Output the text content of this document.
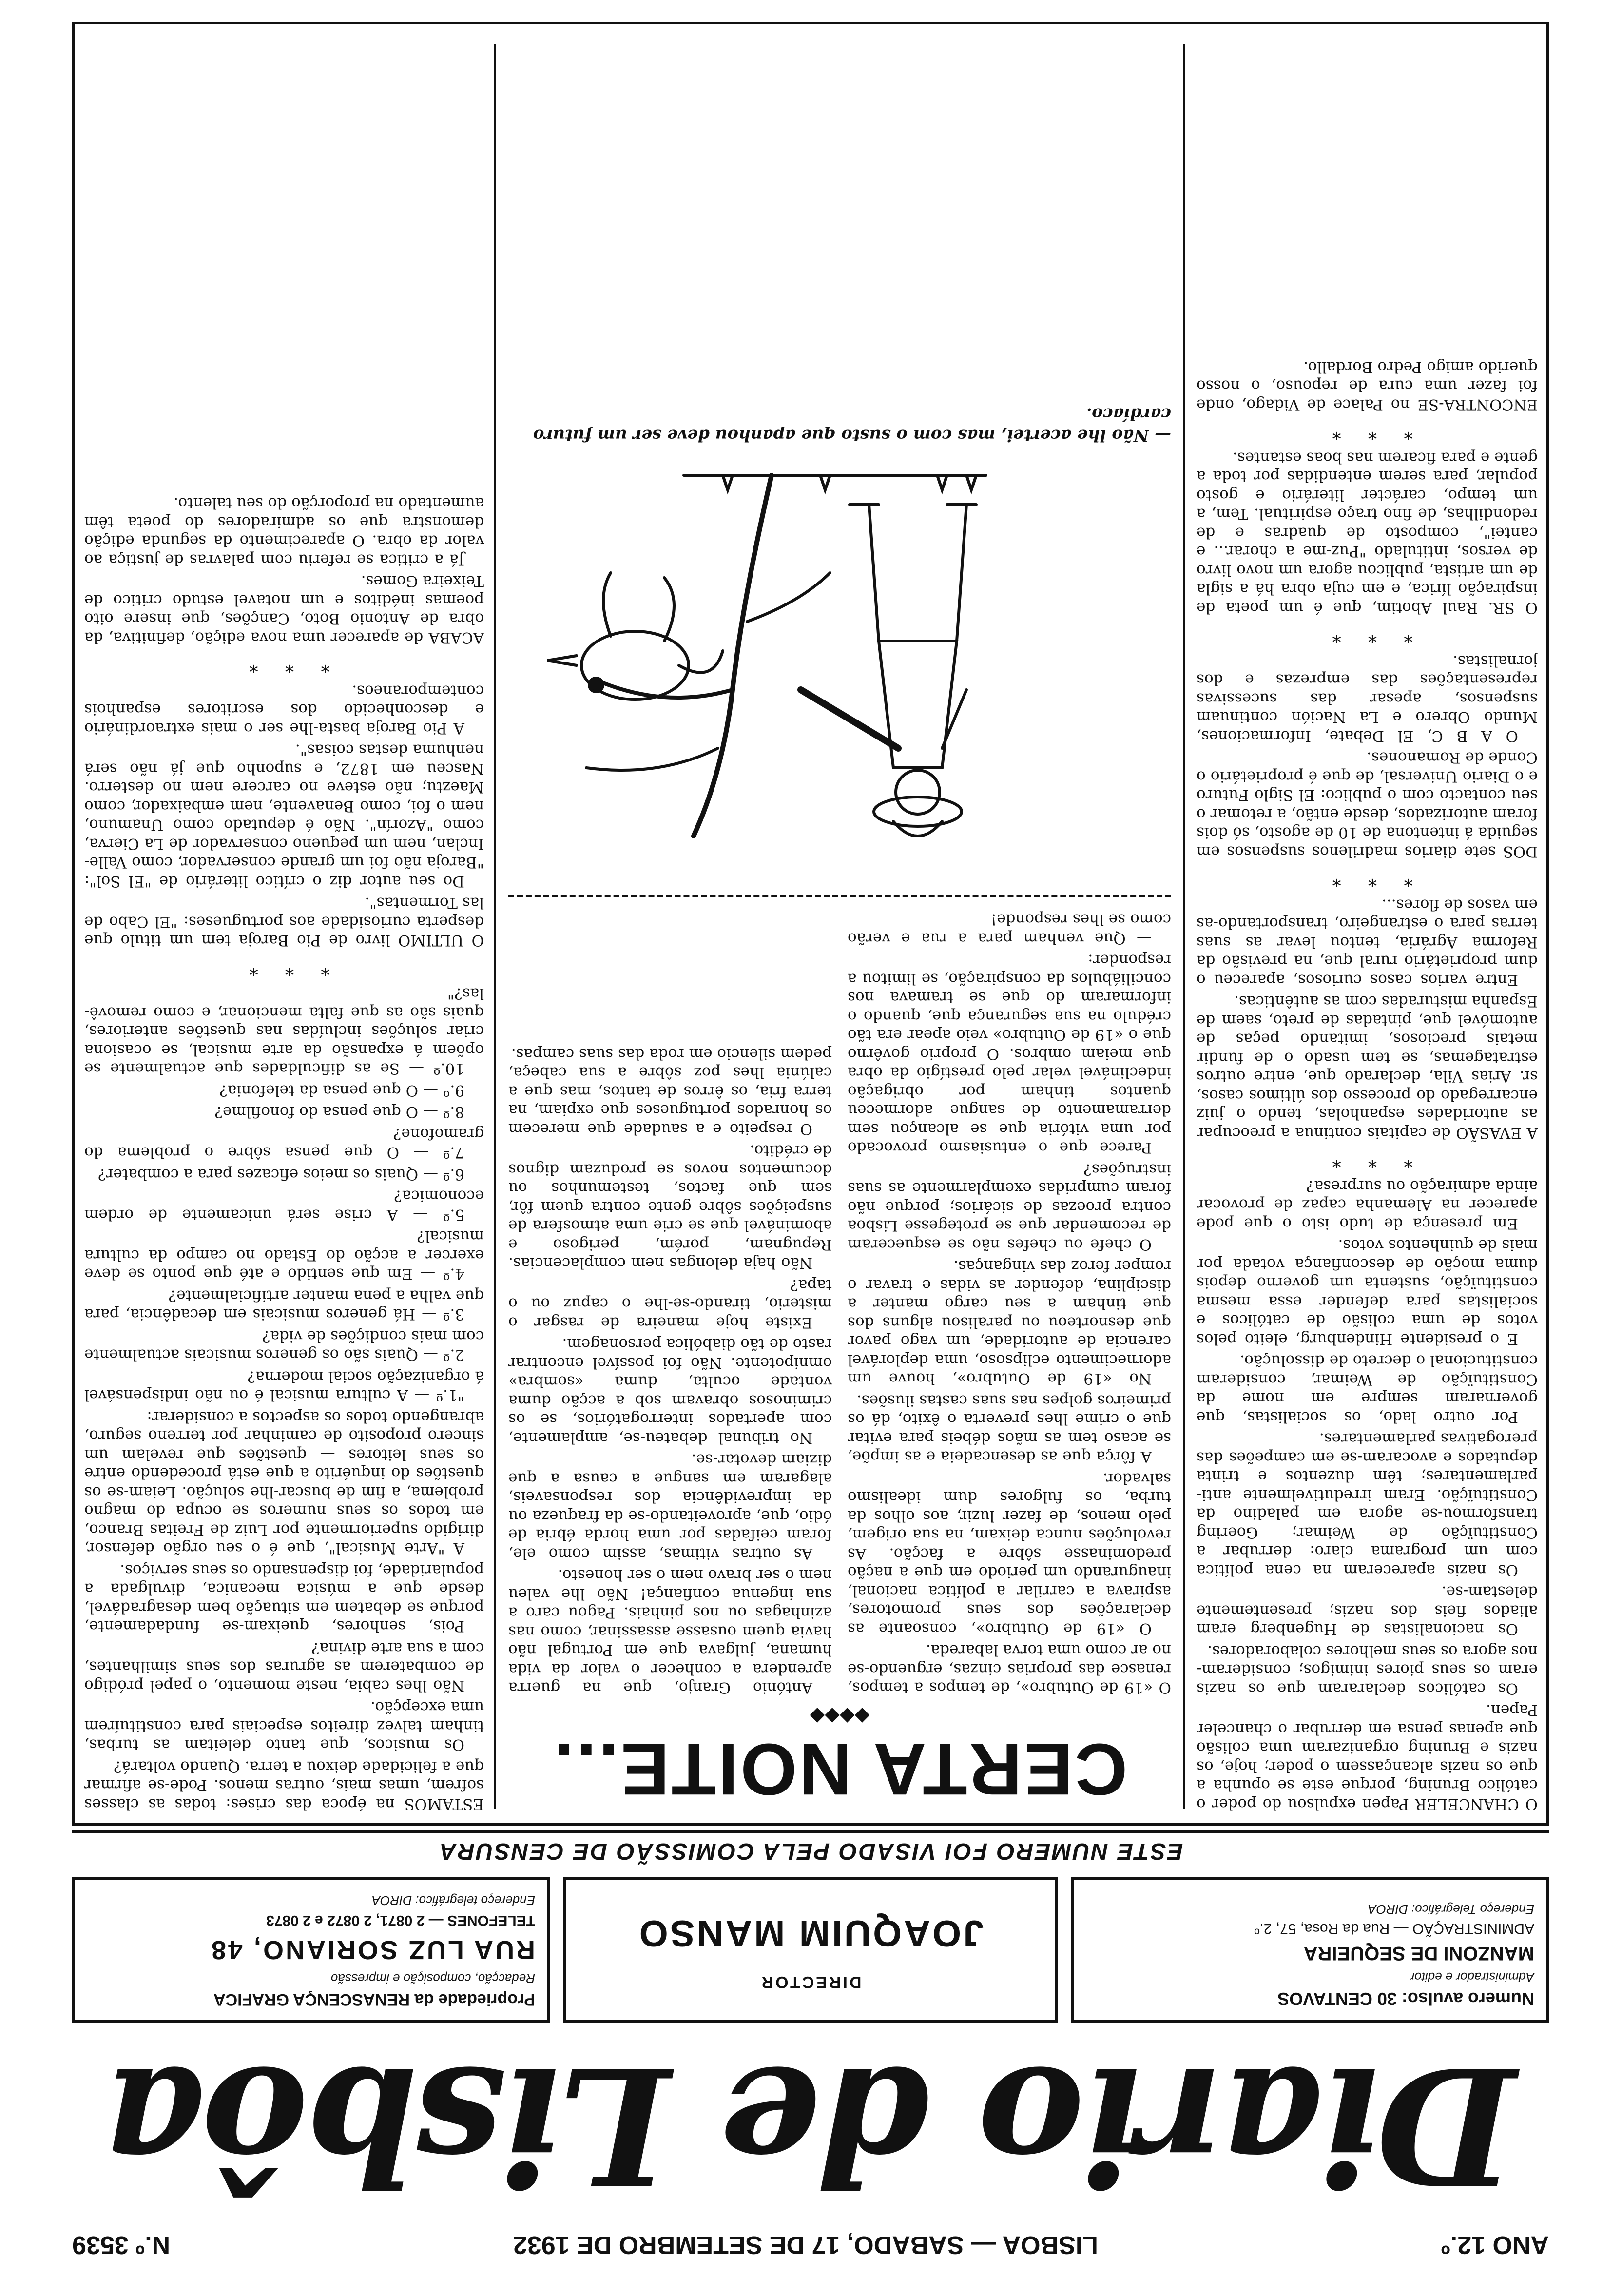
ANO 12.º
LISBOA — SABADO, 17 DE SETEMBRO DE 1932
N.º 3539
Diario de Lisbôa
Numero avulso: 30 CENTAVOS
Administrador e editor
MANZONI DE SEQUEIRA
ADMINISTRAÇÃO — Rua da Rosa, 57, 2.º
Endereço Telegráfico: DIROA
DIRECTOR
JOAQUIM MANSO
Propriedade da RENASCENÇA GRAFICA
Redacção, composição e impressão
RUA LUZ SORIANO, 48
TELEFONES — 2 0871, 2 0872 e 2 0873
Endereço telegráfico: DIROA
ESTE NUMERO FOI VISADO PELA COMISSÃO DE CENSURA

O CHANCELER Papen expulsou do poder o católico Bruning, porque este se opunha a que os nazis alcançassem o poder; hoje, os nazis e Bruning organizaram uma colisão que apenas pensa em derrubar o chanceler Papen.

Os católicos declararam que os nazis eram os seus piores inimigos; consideram-nos agora os seus melhores colaboradores.

Os nacionalistas de Hugenberg eram aliados fieis dos nazis; presentemente delestam-se.

Os nazis apareceram na cena política com um programa claro: derrubar a Constituïção de Weimar; Goering transformou-se agora em paladino da Constituïção. Eram irredutivelmente anti-parlamentares; têm duzentos e trinta deputados e avocaram-se em campeões das prerogativas parlamentares.

Por outro lado, os socialistas, que governaram sempre em nome da Constituïção de Weimar, consideram constitucional o decreto de dissolução.

E o presidente Hindenburg, eleito pelos votos de uma colisão de católicos e socialistas para defender essa mesma constituïção, sustenta um governo depois duma moção de desconfiança votada por mais de quinhentos votos.

Em presença de tudo isto o que pode aparecer na Alemanha capaz de provocar ainda admiração ou surpresa?

* * *

A EVASÃO de capitais continua a preocupar as autoridades espanholas, tendo o juiz encarregado do processo dos últimos casos, sr. Arias Vila, declarado que, entre outros estratagemas, se tem usado o de fundir metais preciosos, imitando peças de automóvel que, pintadas de preto, saem de Espanha misturadas com as autênticas.

Entre varios casos curiosos, apareceu o dum proprietário rural que, na previsão da Reforma Agrária, tentou levar as suas terras para o estrangeiro, transportando-as em vasos de flores...

* * *

DOS sete diarios madrilenos suspensos em seguida á intentona de 10 de agosto, só dois foram autorizados, desde então, a retomar o seu contacto com o publico: El Siglo Futuro e o Diario Universal, de que é proprietário o Conde de Romanones.

O A B C, El Debate, Informaciones, Mundo Obrero e La Nación continuam suspensos, apesar das sucessivas representações das emprezas e dos jornalistas.

* * *

O SR. Raul Abotim, que é um poeta de inspiração lírica, e em cuja obra há a sigla de um artista, publicou agora um novo livro de versos, intitulado "Puz-me a chorar... e cantei", composto de quadras e de redondilhas, de fino traço espiritual. Tem, a um tempo, carácter literário e gosto popular, para serem entendidas por toda a gente e para ficarem nas boas estantes.

* * *

ENCONTRA-SE no Palace de Vidago, onde foi fazer uma cura de repouso, o nosso querido amigo Pedro Bordallo.

CERTA NOITE...
◆◆◆◆

O «19 de Outubro», de tempos a tempos, renasce das proprias cinzas, erguendo-se no ar como uma torva labareda.

O «19 de Outubro», consoante as declarações dos seus promotores, aspirava a carrilar a política nacional, inaugurando um periodo em que a nação predominasse sôbre a facção. As revoluções nunca deixam, na sua origem, pelo menos, de fazer luzir, aos olhos da turba, os fulgores dum idealismo salvador.

A fôrça que as desencadeia e as impõe, se acaso tem as mãos débeis para evitar que o crime lhes preverta o êxito, dá os primeiros golpes nas suas castas ilusões.

No «19 de Outubro», houve um adornecimento eclipsoso, uma deplorável carencia de autoridade, um vago pavor que desnorteou ou paralisou alguns dos que tinham a seu cargo manter a disciplina, defender as vidas e travar o romper feroz das vinganças.

O chefe ou chefes não se esqueceram de recomendar que se protegesse Lisboa contra proezas de sicários; porque não foram cumpridas exemplarmente as suas instruções?

Parece que o entusiasmo provocado por uma vitória que se alcançou sem derramamento de sangue adormeceu quantos tinham por obrigação indeclinável velar pelo prestígio da obra que meiam ombros. O proprio govêrno que o «19 de Outubro» veio apear era tão crédulo na sua segurança que, quando o informaram do que se tramava nos conciliábulos da conspiração, se limitou a responder:

— Que venham para a rua e verão como se lhes responde!

António Granjo, que na guerra aprendera a conhecer o valor da vida humana, julgava que em Portugal não havia quem ousasse assassinar, como nas azinhagas ou nos pinhais. Pagou caro a sua ingenua confiança! Não lhe valeu nem o ser bravo nem o ser honesto.

As outras vitimas, assim como ele, foram ceifadas por uma horda ébria de ódio, que, aproveitando-se da fraqueza ou da imprevidência dos responsaveis, alagaram em sangue a causa a que diziam devotar-se.

No tribunal debateu-se, amplamente, com apertados interrogatórios, se os criminosos obravam sob a acção duma vontade oculta, duma «sombra» omnipotente. Não foi possível encontrar rasto de tão diabólica personagem.

Existe hoje maneira de rasgar o misterio, tirando-se-lhe o capuz ou o tapa?

Não haja delongas nem complacencias. Repugnam, porém, perigoso e abominável que se crie uma atmosfera de suspeições sôbre gente contra quem fôr, sem que factos, testemunhos ou documentos novos se produzam dignos de crédito.

O respeito e a saudade que merecem os honrados portugueses que expiam, na terra fria, os êrros de tantos, mas que a calúnia lhes poz sôbre a sua cabeça, pedem silencio em roda das suas campas.

— Não lhe acertei, mas com o susto que apanhou deve ser um futuro cardíaco.

ESTAMOS na época das crises: todas as classes sofrem, umas mais, outras menos. Pode-se afirmar que a felicidade deixou a terra. Quando voltará?

Os musicos, que tanto deleitam as turbas, tinham talvez direitos especiais para constituírem uma excepção.

Não lhes cabia, neste momento, o papel pródigo de combaterem as agruras dos seus similhantes, com a sua arte divina?

Pois, senhores, queixam-se fundadamente, porque se debatem em situação bem desagradável, desde que a música mecanica, divulgada a popularidade, foi dispensando os seus serviços.

A "Arte Musical", que é o seu orgão defensor, dirigido superiormente por Luiz de Freitas Branco, em todos os seus numeros se ocupa do magno problema, a fim de buscar-lhe solução. Leiam-se os questões do inquérito a que está procedendo entre os seus leitores — questões que revelam um sincero proposito de caminhar por terreno seguro, abrangendo todos os aspectos a considerar:

"1.º — A cultura musical é ou não indispensável á organização social moderna?

2.º — Quais são os generos musicais actualmente com mais condições de vida?

3.º — Há generos musicais em decadência, para que valha a pena manter artificialmente?

4.º — Em que sentido e até que ponto se deve exercer a acção do Estado no campo da cultura musical?

5.º — A crise será unicamente de ordem economica?

6.º — Quais os meios eficazes para a combater?

7.º — O que pensa sôbre o problema do gramofone?

8.º — O que pensa do fonofilme?

9.º — O que pensa da telefonia?

10.º — Se as dificuldades que actualmente se opõem á expansão da arte musical, se ocasiona criar soluções incluídas nas questões anteriores, quais são as que falta mencionar, e como removê-las?"

* * *

O ULTIMO livro de Pio Baroja tem um titulo que desperta curiosidade aos portugueses: "El Cabo de las Tormentas".

Do seu autor diz o crítico literário de "El Sol": "Baroja não foi um grande conservador, como Valle-Inclan, nem um pequeno conservador de La Cierva, como "Azorín". Não é deputado como Unamuno, nem o foi, como Benavente, nem embaixador, como Maeztu; não esteve no carcere nem no desterro. Nasceu em 1872, e suponho que já não será nenhuma destas coisas".

A Pio Baroja basta-lhe ser o mais extraordinário e desconhecido dos escritores espanhois contemporaneos.

* * *

ACABA de aparecer uma nova edição, definitiva, da obra de Antonio Boto, Canções, que insere oito poemas inéditos e um notavel estudo critico de Teixeira Gomes.

Já a critica se referiu com palavras de justiça ao valor da obra. O aparecimento da segunda edição demonstra que os admiradores do poeta têm aumentado na proporção do seu talento.
